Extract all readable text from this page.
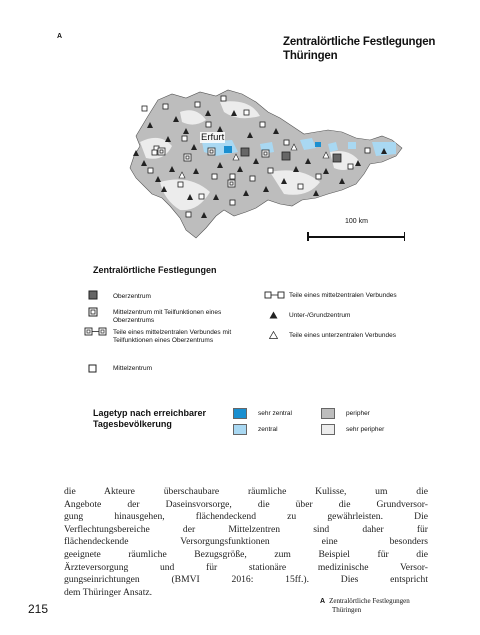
A	Zentralörtliche Festlegungen
Thüringen
Erfurt
100 km
Zentralörtliche Festlegungen
Oberzentrum
Mittelzentrum mit Teilfunktionen eines Oberzentrums
Teile eines mittelzentralen Verbundes mit Teilfunktionen eines Oberzentrums
Mittelzentrum
Teile eines mittelzentralen Verbundes
Unter-/Grundzentrum
Teile eines unterzentralen Verbundes
Lagetyp nach erreichbarer Tagesbevölkerung
sehr zentral
zentral
peripher
sehr peripher
die Akteure überschaubare räumliche Kulisse, um die
Angebote der Daseinsvorsorge, die über die Grundversor-
gung hinausgehen, flächendeckend zu gewährleisten. Die
Verflechtungsbereiche der Mittelzentren sind daher für
flächendeckende Versorgungsfunktionen eine besonders
geeignete räumliche Bezugsgröße, zum Beispiel für die
Ärzteversorgung und für stationäre medizinische Versor-
gungseinrichtungen (BMVI 2016: 15ff.). Dies entspricht
dem Thüringer Ansatz.
215
A Zentralörtliche Festlegungen
Thüringen
